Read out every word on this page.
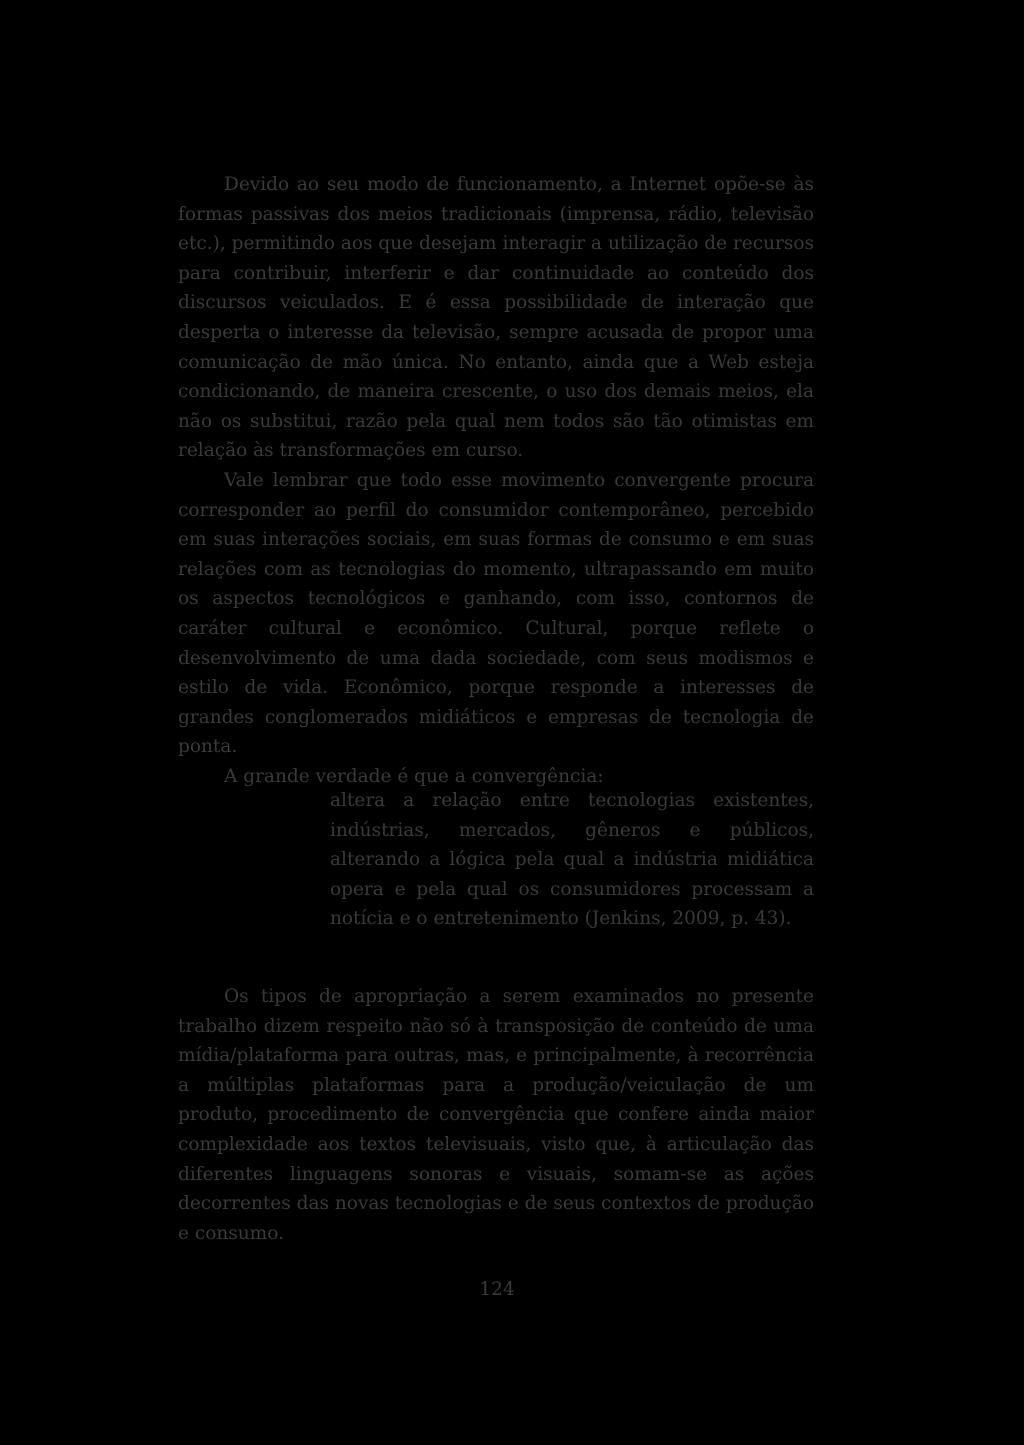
Devido ao seu modo de funcionamento, a Internet opõe-se às formas passivas dos meios tradicionais (imprensa, rádio, televisão etc.), permitindo aos que desejam interagir a utilização de recursos para contribuir, interferir e dar continuidade ao conteúdo dos discursos veiculados. E é essa possibilidade de interação que desperta o interesse da televisão, sempre acusada de propor uma comunicação de mão única. No entanto, ainda que a Web esteja condicionando, de maneira crescente, o uso dos demais meios, ela não os substitui, razão pela qual nem todos são tão otimistas em relação às transformações em curso.

Vale lembrar que todo esse movimento convergente procura corresponder ao perfil do consumidor contemporâneo, percebido em suas interações sociais, em suas formas de consumo e em suas relações com as tecnologias do momento, ultrapassando em muito os aspectos tecnológicos e ganhando, com isso, contornos de caráter cultural e econômico. Cultural, porque reflete o desenvolvimento de uma dada sociedade, com seus modismos e estilo de vida. Econômico, porque responde a interesses de grandes conglomerados midiáticos e empresas de tecnologia de ponta.

A grande verdade é que a convergência:

altera a relação entre tecnologias existentes, indústrias, mercados, gêneros e públicos, alterando a lógica pela qual a indústria midiática opera e pela qual os consumidores processam a notícia e o entretenimento (Jenkins, 2009, p. 43).

Os tipos de apropriação a serem examinados no presente trabalho dizem respeito não só à transposição de conteúdo de uma mídia/plataforma para outras, mas, e principalmente, à recorrência a múltiplas plataformas para a produção/veiculação de um produto, procedimento de convergência que confere ainda maior complexidade aos textos televisuais, visto que, à articulação das diferentes linguagens sonoras e visuais, somam-se as ações decorrentes das novas tecnologias e de seus contextos de produção e consumo.

124
